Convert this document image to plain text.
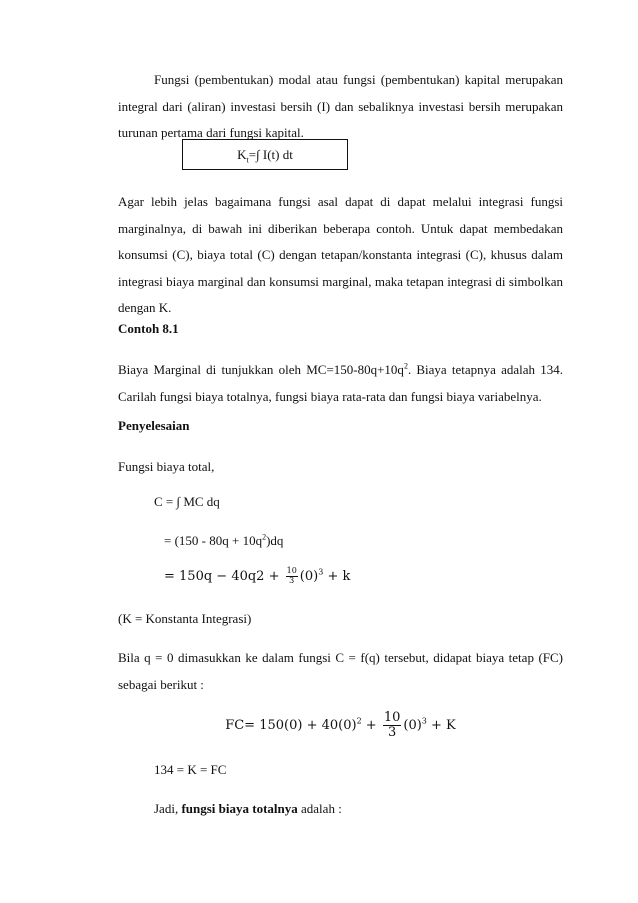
Fungsi (pembentukan) modal atau fungsi (pembentukan) kapital merupakan
integral dari (aliran) investasi bersih (I) dan sebaliknya investasi bersih merupakan
turunan pertama dari fungsi kapital.
$K_t=\int$ I(t) dt
Agar lebih jelas bagaimana fungsi asal dapat di dapat melalui integrasi fungsi
marginalnya, di bawah ini diberikan beberapa contoh. Untuk dapat membedakan
konsumsi (C), biaya total (C) dengan tetapan/konstanta integrasi (C), khusus dalam
integrasi biaya marginal dan konsumsi marginal, maka tetapan integrasi di simbolkan
dengan K.
Contoh 8.1
Biaya Marginal di tunjukkan oleh $MC=150-80q+10q^2$. Biaya tetapnya adalah 134.
Carilah fungsi biaya totalnya, fungsi biaya rata-rata dan fungsi biaya variabelnya.
Penyelesaian
Fungsi biaya total,
C = ∫ MC dq
= $(150 - 80q + 10q^2)dq$
= $150q - 40q2 + \frac{10}{3} (0)^3 + k$
(K = Konstanta Integrasi)
Bila q = 0 dimasukkan ke dalam fungsi C = f(q) tersebut, didapat biaya tetap (FC)
sebagai berikut :
$FC= 150(0) + 40(0)^2 + \frac{10}{3} (0)^3 + K$
134 = K = FC
Jadi, fungsi biaya totalnya adalah :
